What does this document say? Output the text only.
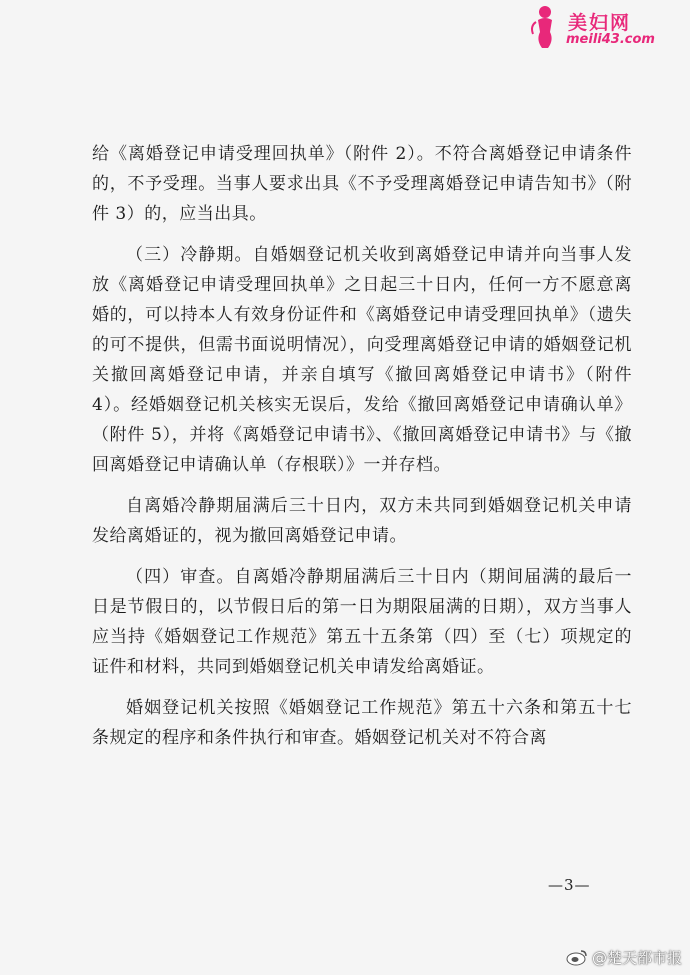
美妇网
meili43.com

给《离婚登记申请受理回执单》（附件 2）。不符合离婚登记申请条件的，不予受理。当事人要求出具《不予受理离婚登记申请告知书》（附件 3）的，应当出具。

（三）冷静期。自婚姻登记机关收到离婚登记申请并向当事人发放《离婚登记申请受理回执单》之日起三十日内，任何一方不愿意离婚的，可以持本人有效身份证件和《离婚登记申请受理回执单》（遗失的可不提供，但需书面说明情况），向受理离婚登记申请的婚姻登记机关撤回离婚登记申请，并亲自填写《撤回离婚登记申请书》（附件 4）。经婚姻登记机关核实无误后，发给《撤回离婚登记申请确认单》（附件 5），并将《离婚登记申请书》、《撤回离婚登记申请书》与《撤回离婚登记申请确认单（存根联）》一并存档。

自离婚冷静期届满后三十日内，双方未共同到婚姻登记机关申请发给离婚证的，视为撤回离婚登记申请。

（四）审查。自离婚冷静期届满后三十日内（期间届满的最后一日是节假日的，以节假日后的第一日为期限届满的日期），双方当事人应当持《婚姻登记工作规范》第五十五条第（四）至（七）项规定的证件和材料，共同到婚姻登记机关申请发给离婚证。

婚姻登记机关按照《婚姻登记工作规范》第五十六条和第五十七条规定的程序和条件执行和审查。婚姻登记机关对不符合离

—3—
@楚天都市报
